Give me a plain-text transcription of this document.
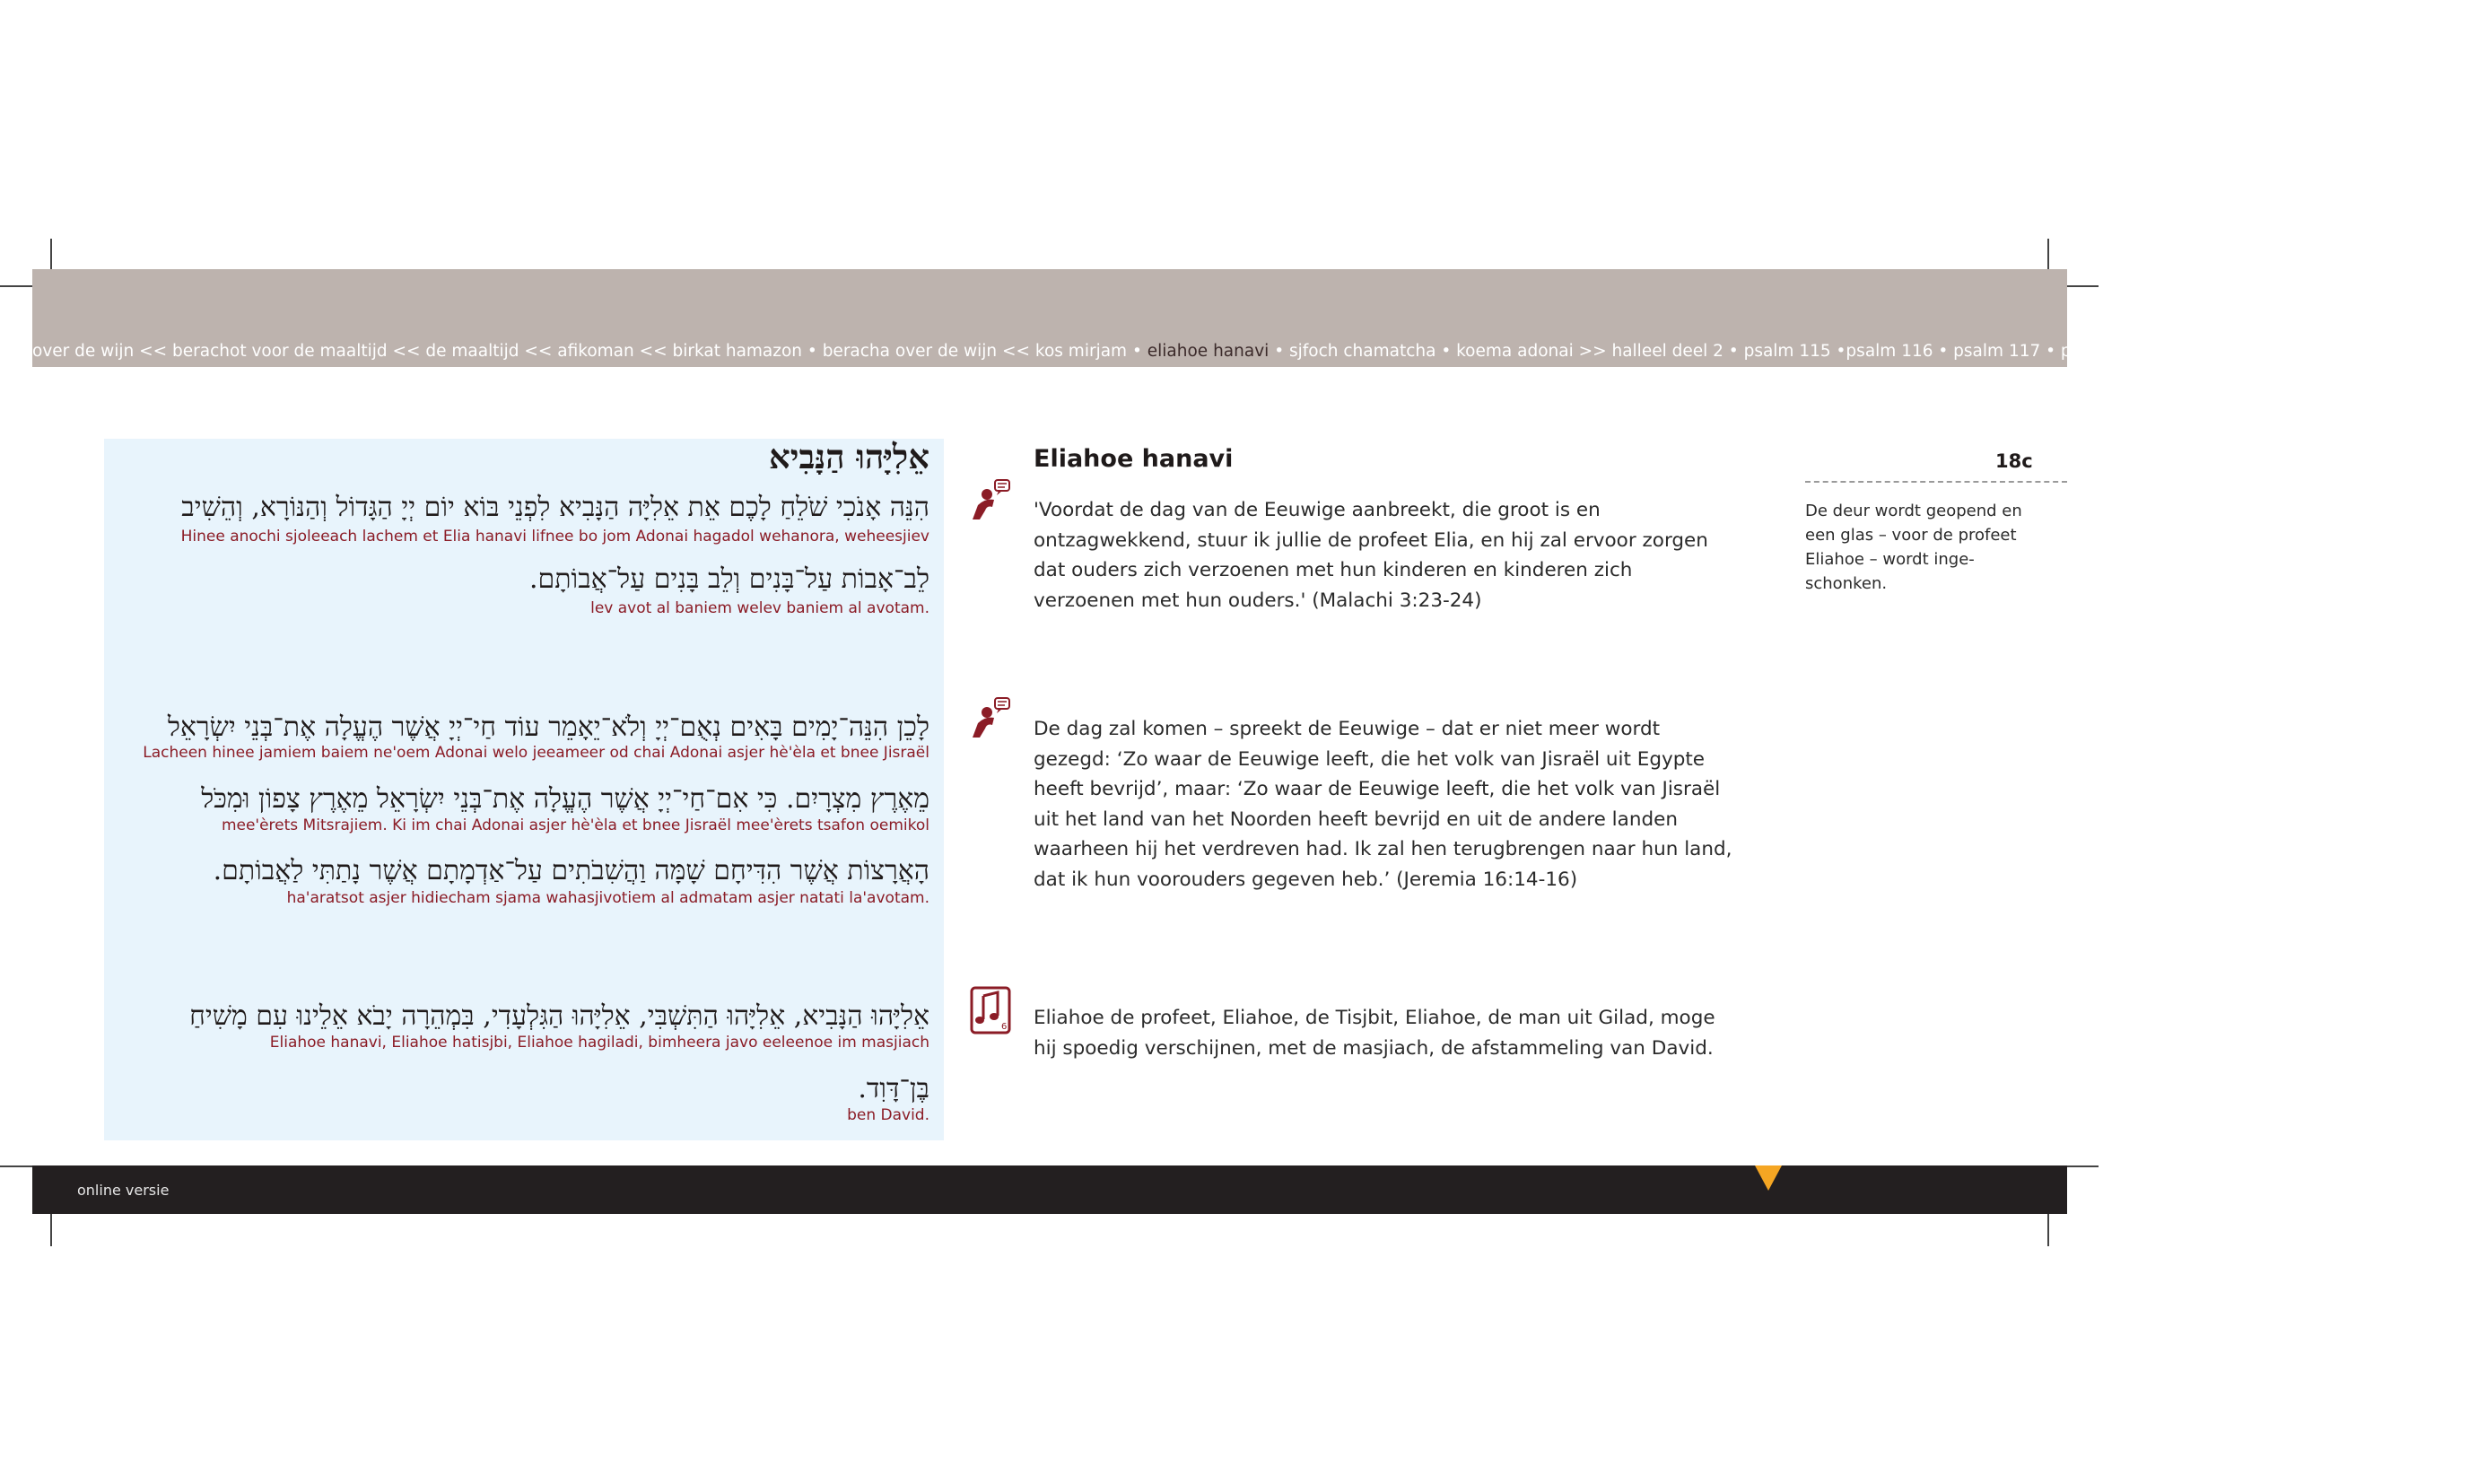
over de wijn << berachot voor de maaltijd << de maaltijd << afikoman << birkat hamazon • beracha over de wijn << kos mirjam • eliahoe hanavi • sjfoch chamatcha • koema adonai >> halleel deel 2 • psalm 115 •psalm 116 • psalm 117 • psalm 118 • jehaleloecha • psalm 136 • nisjmat ko
אֵלִיָּהוּ הַנָּבִיא
הִנֵּה אָנֹכִי שֹׁלֵחַ לָכֶם אֵת אֵלִיָּה הַנָּבִיא לִפְנֵי בּוֹא יוֹם יְיָ הַגָּדוֹל וְהַנּוֹרָא, וְהֵשִׁיב
Hinee anochi sjoleeach lachem et Elia hanavi lifnee bo jom Adonai hagadol wehanora, weheesjiev
לֵב־אָבוֹת עַל־בָּנִים וְלֵב בָּנִים עַל־אֲבוֹתָם.
lev avot al baniem welev baniem al avotam.
לָכֵן הִנֵּה־יָמִים בָּאִים נְאֻם־יְיָ וְלֹא־יֵאָמֵר עוֹד חַי־יְיָ אֲשֶׁר הֶעֱלָה אֶת־בְּנֵי יִשְׂרָאֵל
Lacheen hinee jamiem baiem ne'oem Adonai welo jeeameer od chai Adonai asjer hè'èla et bnee Jisraël
מֵאֶרֶץ מִצְרָיִם. כִּי אִם־חַי־יְיָ אֲשֶׁר הֶעֱלָה אֶת־בְּנֵי יִשְׂרָאֵל מֵאֶרֶץ צָפוֹן וּמִכֹּל
mee'èrets Mitsrajiem. Ki im chai Adonai asjer hè'èla et bnee Jisraël mee'èrets tsafon oemikol
הָאֲרָצוֹת אֲשֶׁר הִדִּיחָם שָׁמָּה וַהֲשִׁבֹתִים עַל־אַדְמָתָם אֲשֶׁר נָתַתִּי לַאֲבוֹתָם.
ha'aratsot asjer hidiecham sjama wahasjivotiem al admatam asjer natati la'avotam.
אֵלִיָּהוּ הַנָּבִיא, אֵלִיָּהוּ הַתִּשְׁבִּי, אֵלִיָּהוּ הַגִּלְעָדִי, בִּמְהֵרָה יָבֹא אֵלֵינוּ עִם מָשִׁיחַ
Eliahoe hanavi, Eliahoe hatisjbi, Eliahoe hagiladi, bimheera javo eeleenoe im masjiach
בֶּן־דָּוִד.
ben David.
6
Eliahoe hanavi	18c
De deur wordt geopend en een glas – voor de profeet Eliahoe – wordt inge-schonken.
'Voordat de dag van de Eeuwige aanbreekt, die groot is en ontzagwekkend, stuur ik jullie de profeet Elia, en hij zal ervoor zorgen dat ouders zich verzoenen met hun kinderen en kinderen zich verzoenen met hun ouders.' (Malachi 3:23-24)
De dag zal komen – spreekt de Eeuwige – dat er niet meer wordt gezegd: ‘Zo waar de Eeuwige leeft, die het volk van Jisraël uit Egypte heeft bevrijd’, maar: ‘Zo waar de Eeuwige leeft, die het volk van Jisraël uit het land van het Noorden heeft bevrijd en uit de andere landen waarheen hij het verdreven had. Ik zal hen terugbrengen naar hun land, dat ik hun voorouders gegeven heb.’ (Jeremia 16:14-16)
Eliahoe de profeet, Eliahoe, de Tisjbit, Eliahoe, de man uit Gilad, moge hij spoedig verschijnen, met de masjiach, de afstammeling van David.
online versie
